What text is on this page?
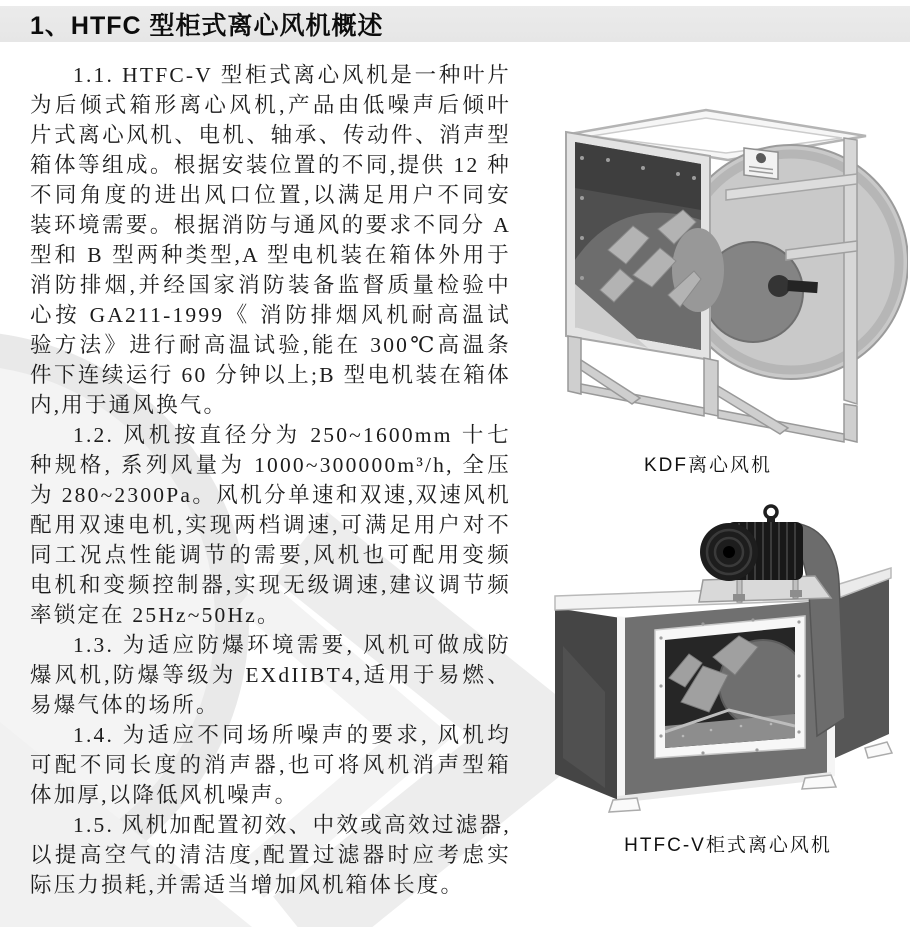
1、HTFC 型柜式离心风机概述

1.1. HTFC-V 型柜式离心风机是一种叶片为后倾式箱形离心风机,产品由低噪声后倾叶片式离心风机、电机、轴承、传动件、消声型箱体等组成。根据安装位置的不同,提供 12 种不同角度的进出风口位置,以满足用户不同安装环境需要。根据消防与通风的要求不同分 A 型和 B 型两种类型,A 型电机装在箱体外用于消防排烟,并经国家消防装备监督质量检验中心按 GA211-1999《 消防排烟风机耐高温试验方法》进行耐高温试验,能在 300℃高温条件下连续运行 60 分钟以上;B 型电机装在箱体内,用于通风换气。

1.2. 风机按直径分为 250~1600mm 十七种规格, 系列风量为 1000~300000m³/h, 全压为 280~2300Pa。风机分单速和双速,双速风机配用双速电机,实现两档调速,可满足用户对不同工况点性能调节的需要,风机也可配用变频电机和变频控制器,实现无级调速,建议调节频率锁定在 25Hz~50Hz。

1.3. 为适应防爆环境需要, 风机可做成防爆风机,防爆等级为 EXdIIBT4,适用于易燃、易爆气体的场所。

1.4. 为适应不同场所噪声的要求, 风机均可配不同长度的消声器,也可将风机消声型箱体加厚,以降低风机噪声。

1.5. 风机加配置初效、中效或高效过滤器,以提高空气的清洁度,配置过滤器时应考虑实际压力损耗,并需适当增加风机箱体长度。

KDF离心风机
HTFC-V柜式离心风机
